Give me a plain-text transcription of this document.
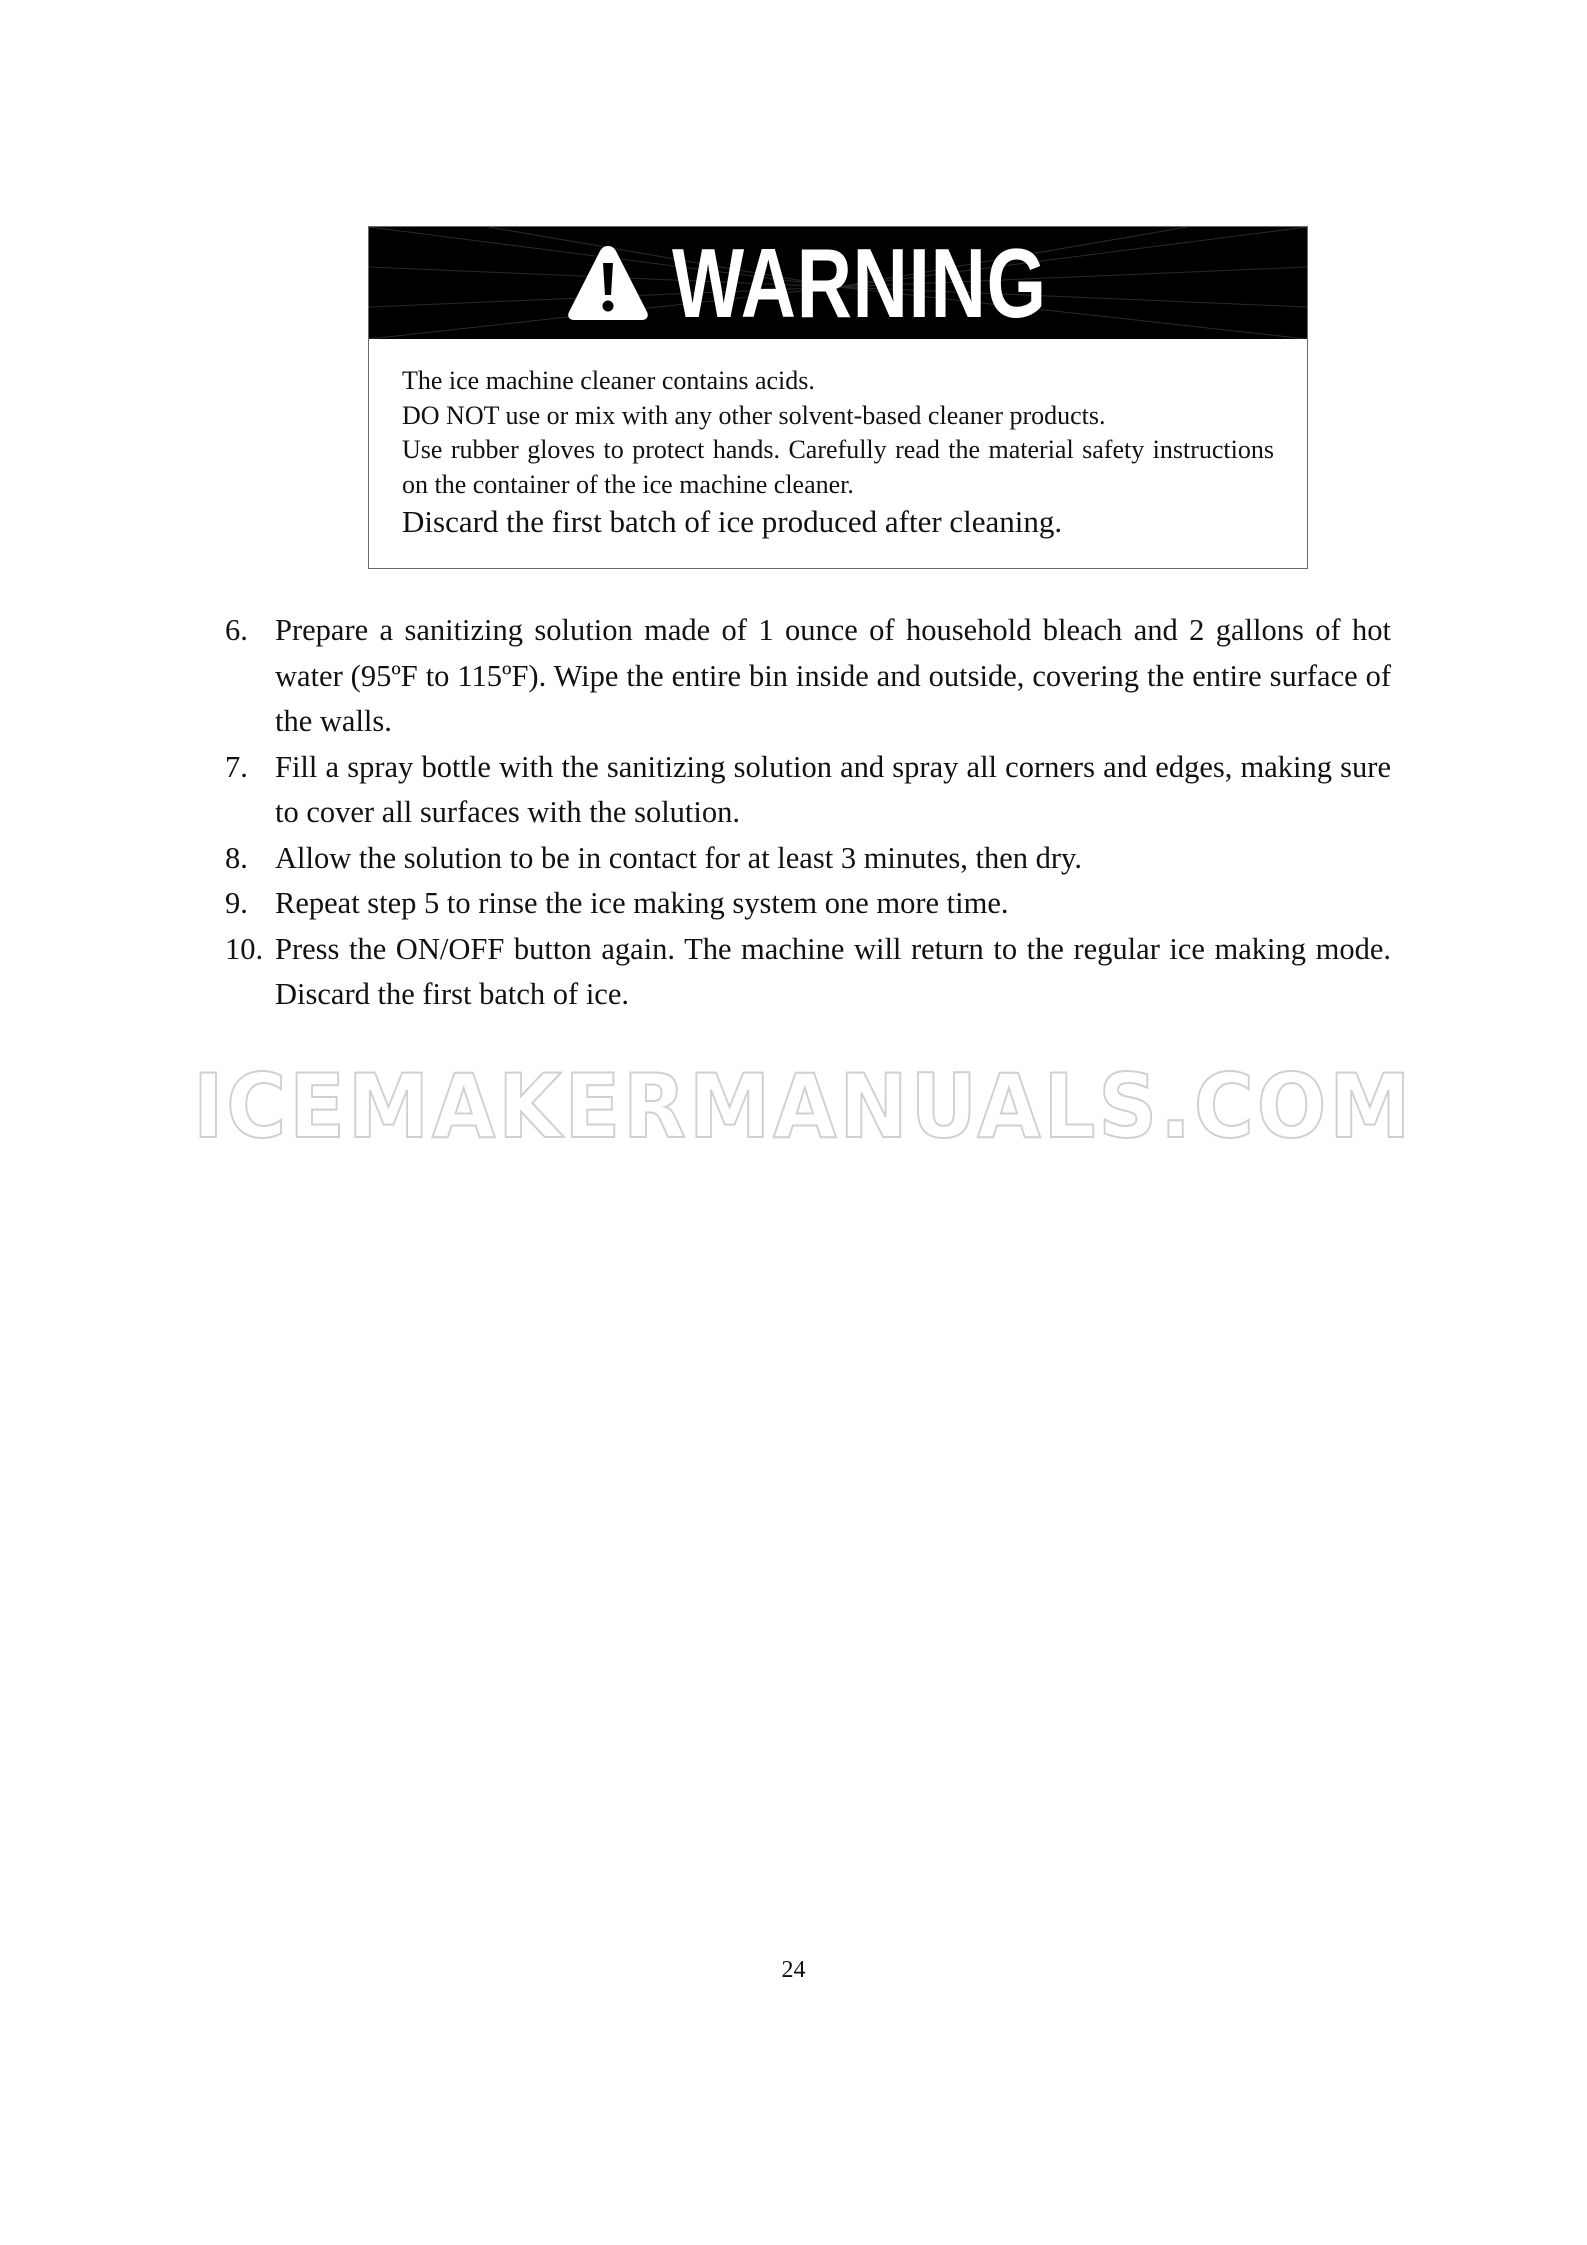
WARNING
The ice machine cleaner contains acids.
DO NOT use or mix with any other solvent-based cleaner products.
Use rubber gloves to protect hands. Carefully read the material safety instructions on the container of the ice machine cleaner.
Discard the first batch of ice produced after cleaning.
6. Prepare a sanitizing solution made of 1 ounce of household bleach and 2 gallons of hot water (95ºF to 115ºF). Wipe the entire bin inside and outside, covering the entire surface of the walls.
7. Fill a spray bottle with the sanitizing solution and spray all corners and edges, making sure to cover all surfaces with the solution.
8. Allow the solution to be in contact for at least 3 minutes, then dry.
9. Repeat step 5 to rinse the ice making system one more time.
10. Press the ON/OFF button again. The machine will return to the regular ice making mode. Discard the first batch of ice.
ICEMAKERMANUALS.COM
24
